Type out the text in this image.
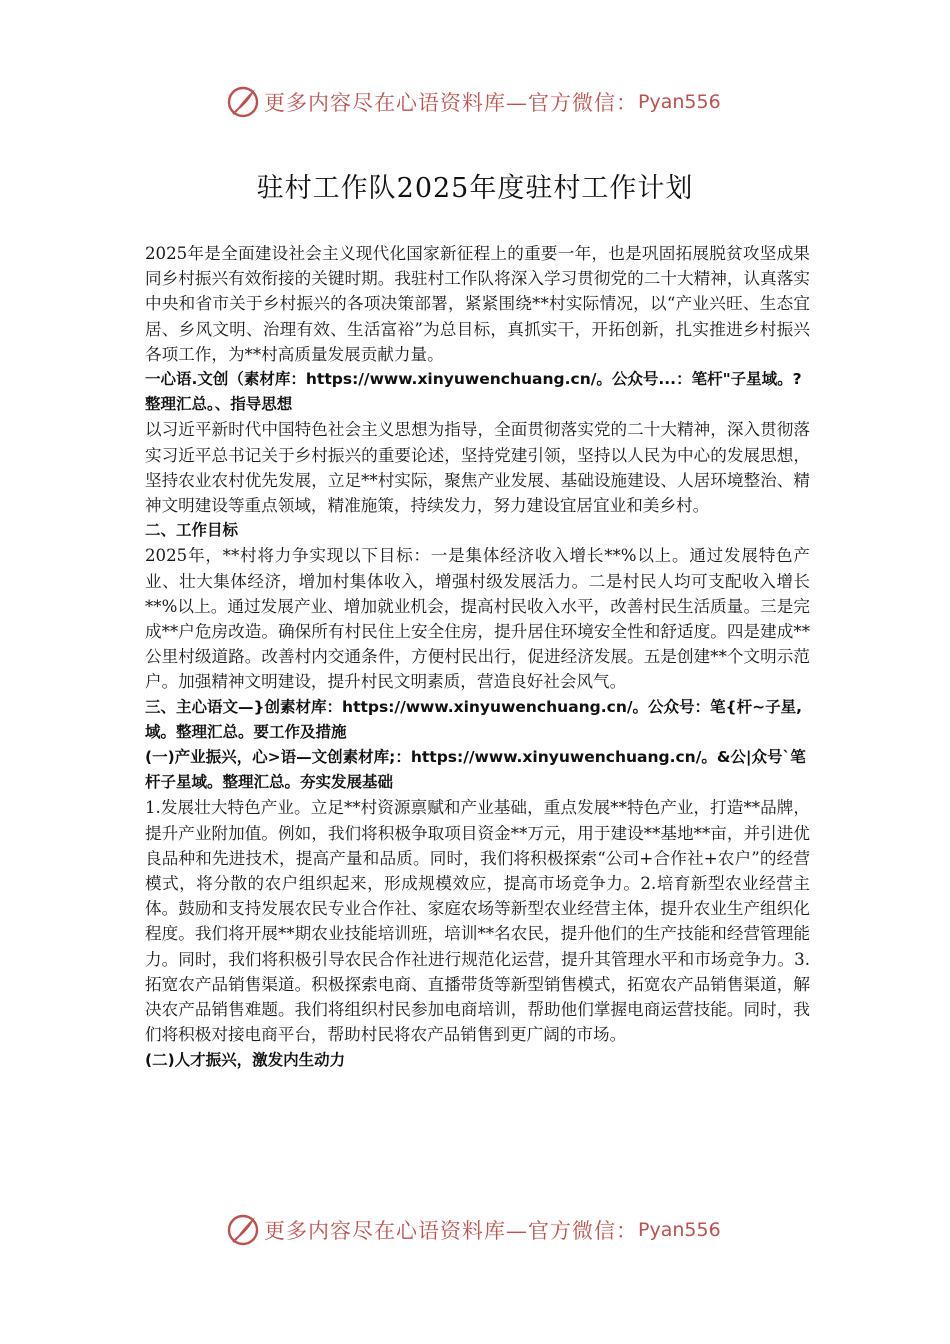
更多内容尽在心语资料库—官方微信： Pyan556
驻村工作队2025年度驻村工作计划

2025年是全面建设社会主义现代化国家新征程上的重要一年，也是巩固拓展脱贫攻坚成果同乡村振兴有效衔接的关键时期。我驻村工作队将深入学习贯彻党的二十大精神，认真落实中央和省市关于乡村振兴的各项决策部署，紧紧围绕**村实际情况，以“产业兴旺、生态宜居、乡风文明、治理有效、生活富裕”为总目标，真抓实干，开拓创新，扎实推进乡村振兴各项工作，为**村高质量发展贡献力量。

一心语.文创（素材库：https://www.xinyuwenchuang.cn/。公众号...：笔杆"子星域。?整理汇总。、指导思想

以习近平新时代中国特色社会主义思想为指导，全面贯彻落实党的二十大精神，深入贯彻落实习近平总书记关于乡村振兴的重要论述，坚持党建引领，坚持以人民为中心的发展思想，坚持农业农村优先发展，立足**村实际，聚焦产业发展、基础设施建设、人居环境整治、精神文明建设等重点领域，精准施策，持续发力，努力建设宜居宜业和美乡村。

二、工作目标

2025年，**村将力争实现以下目标：一是集体经济收入增长**%以上。通过发展特色产业、壮大集体经济，增加村集体收入，增强村级发展活力。二是村民人均可支配收入增长**%以上。通过发展产业、增加就业机会，提高村民收入水平，改善村民生活质量。三是完成**户危房改造。确保所有村民住上安全住房，提升居住环境安全性和舒适度。四是建成**公里村级道路。改善村内交通条件，方便村民出行，促进经济发展。五是创建**个文明示范户。加强精神文明建设，提升村民文明素质，营造良好社会风气。

三、主心语文—}创素材库：https://www.xinyuwenchuang.cn/。公众号：笔{杆~子星,域。整理汇总。要工作及措施

(一)产业振兴，心>语—文创素材库;：https://www.xinyuwenchuang.cn/。&公|众号`笔杆子星域。整理汇总。夯实发展基础

1.发展壮大特色产业。立足**村资源禀赋和产业基础，重点发展**特色产业，打造**品牌，提升产业附加值。例如，我们将积极争取项目资金**万元，用于建设**基地**亩，并引进优良品种和先进技术，提高产量和品质。同时，我们将积极探索“公司+合作社+农户”的经营模式，将分散的农户组织起来，形成规模效应，提高市场竞争力。2.培育新型农业经营主体。鼓励和支持发展农民专业合作社、家庭农场等新型农业经营主体，提升农业生产组织化程度。我们将开展**期农业技能培训班，培训**名农民，提升他们的生产技能和经营管理能力。同时，我们将积极引导农民合作社进行规范化运营，提升其管理水平和市场竞争力。3.拓宽农产品销售渠道。积极探索电商、直播带货等新型销售模式，拓宽农产品销售渠道，解决农产品销售难题。我们将组织村民参加电商培训，帮助他们掌握电商运营技能。同时，我们将积极对接电商平台，帮助村民将农产品销售到更广阔的市场。

(二)人才振兴，激发内生动力

更多内容尽在心语资料库—官方微信： Pyan556
